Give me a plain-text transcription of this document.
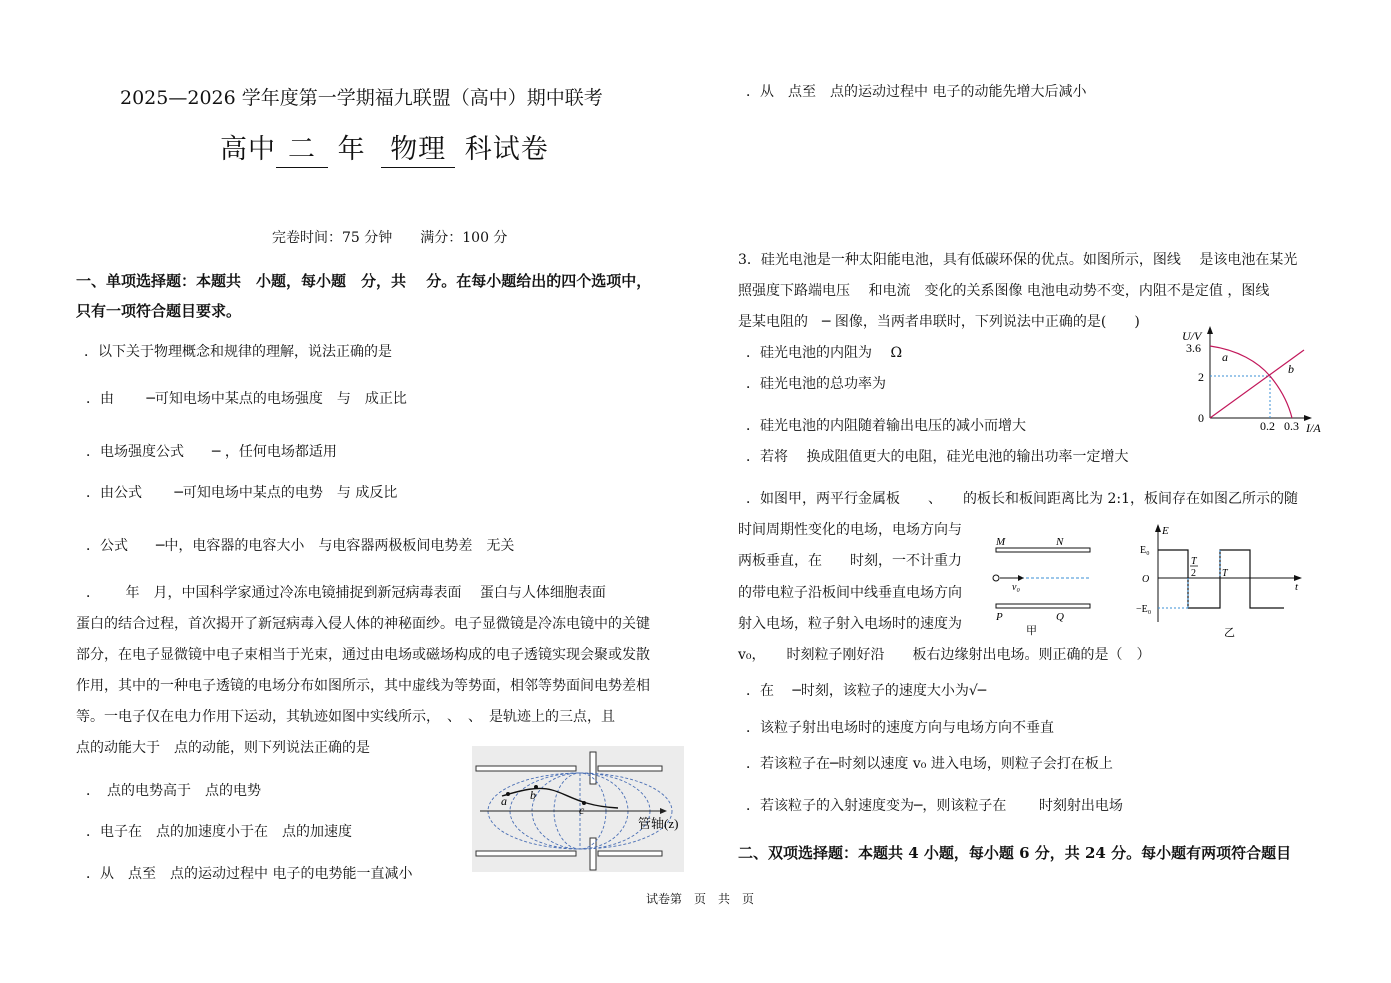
2025—2026 学年度第一学期福九联盟（高中）期中联考
高中 二 年 物理 科试卷
完卷时间：75 分钟　　满分：100 分
一、单项选择题：本题共　小题，每小题　分，共　 分。在每小题给出的四个选项中，
只有一项符合题目要求。
．以下关于物理概念和规律的理解，说法正确的是
．由　　 ─可知电场中某点的电场强度　与　成正比
．电场强度公式　　─ ，任何电场都适用
．由公式　　 ─可知电场中某点的电势　与 成反比
．公式　　─中，电容器的电容大小　与电容器两极板间电势差　无关
．　　 年　月，中国科学家通过冷冻电镜捕捉到新冠病毒表面　 蛋白与人体细胞表面
蛋白的结合过程，首次揭开了新冠病毒入侵人体的神秘面纱。电子显微镜是冷冻电镜中的关键
部分，在电子显微镜中电子束相当于光束，通过由电场或磁场构成的电子透镜实现会聚或发散
作用，其中的一种电子透镜的电场分布如图所示，其中虚线为等势面，相邻等势面间电势差相
等。一电子仅在电力作用下运动，其轨迹如图中实线所示，　、　、　是轨迹上的三点，且
点的动能大于　点的动能，则下列说法正确的是
．　点的电势高于　点的电势
．电子在　点的加速度小于在　点的加速度
．从　点至　点的运动过程中 电子的电势能一直减小
a b
c
管轴(z)
试卷第　页　共　页
．从　点至　点的运动过程中 电子的动能先增大后减小
3．硅光电池是一种太阳能电池，具有低碳环保的优点。如图所示，图线　 是该电池在某光
照强度下路端电压　 和电流　变化的关系图像 电池电动势不变，内阻不是定值 ，图线
是某电阻的　─ 图像，当两者串联时，下列说法中正确的是(　　)
．硅光电池的内阻为　 Ω
．硅光电池的总功率为
．硅光电池的内阻随着输出电压的减小而增大
．若将　 换成阻值更大的电阻，硅光电池的输出功率一定增大
U/V
I/A
3.6
2
0
0.2 0.3
a
b
．如图甲，两平行金属板　　、　　的板长和板间距离比为 2:1，板间存在如图乙所示的随
时间周期性变化的电场，电场方向与
两板垂直，在　　时刻，一不计重力
的带电粒子沿板间中线垂直电场方向
射入电场，粒子射入电场时的速度为
v₀，　　时刻粒子刚好沿　　板右边缘射出电场。则正确的是（　）
M	N
v₀
P	Q
甲
E
t
E₀
O
−E₀
T
2	T
乙
．在　 ─时刻，该粒子的速度大小为√─
．该粒子射出电场时的速度方向与电场方向不垂直
．若该粒子在─时刻以速度 v₀ 进入电场，则粒子会打在板上
．若该粒子的入射速度变为─，则该粒子在　　 时刻射出电场
二、双项选择题：本题共 4 小题，每小题 6 分，共 24 分。每小题有两项符合题目
